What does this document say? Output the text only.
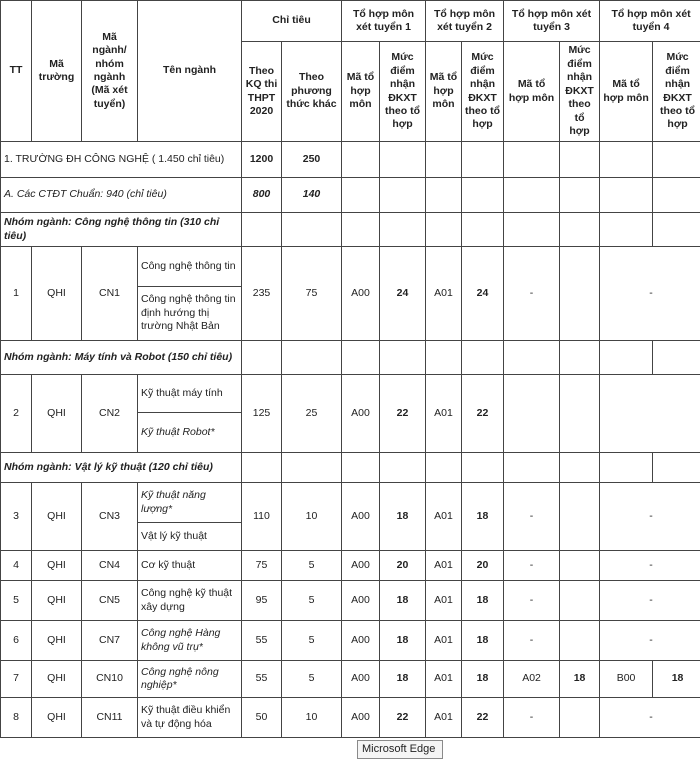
TT	Mã trường	Mã ngành/ nhóm ngành (Mã xét tuyển)	Tên ngành	Chỉ tiêu		Tổ hợp môn xét tuyển 1		Tổ hợp môn xét tuyển 2		Tổ hợp môn xét tuyển 3		Tổ hợp môn xét tuyển 4	
				Theo KQ thi THPT 2020	Theo phương thức khác	Mã tổ hợp môn	Mức điểm nhận ĐKXT theo tổ hợp	Mã tổ hợp môn	Mức điểm nhận ĐKXT theo tổ hợp	Mã tổ hợp môn	Mức điểm nhận ĐKXT theo tổ hợp	Mã tổ hợp môn	Mức điểm nhận ĐKXT theo tổ hợp
1. TRƯỜNG ĐH CÔNG NGHỆ ( 1.450 chỉ tiêu)				1200	250								
A. Các CTĐT Chuẩn: 940 (chỉ tiêu)				800	140								
Nhóm ngành: Công nghệ thông tin (310 chỉ tiêu)													
1	QHI	CN1	Công nghệ thông tin	235	75	A00	24	A01	24	-		-	
			Công nghệ thông tin định hướng thị trường Nhật Bản										
Nhóm ngành: Máy tính và Robot (150 chỉ tiêu)													
2	QHI	CN2	Kỹ thuật máy tính	125	25	A00	22	A01	22				
			Kỹ thuật Robot*										
Nhóm ngành: Vật lý kỹ thuật (120 chỉ tiêu)													
3	QHI	CN3	Kỹ thuật năng lượng*	110	10	A00	18	A01	18	-		-	
			Vật lý kỹ thuật										
4	QHI	CN4	Cơ kỹ thuật	75	5	A00	20	A01	20	-		-	
5	QHI	CN5	Công nghệ kỹ thuật xây dựng	95	5	A00	18	A01	18	-		-	
6	QHI	CN7	Công nghệ Hàng không vũ trụ*	55	5	A00	18	A01	18	-		-	
7	QHI	CN10	Công nghệ nông nghiệp*	55	5	A00	18	A01	18	A02	18	B00	18
8	QHI	CN11	Kỹ thuật điều khiển và tự động hóa	50	10	A00	22	A01	22	-		-	
Microsoft Edge
